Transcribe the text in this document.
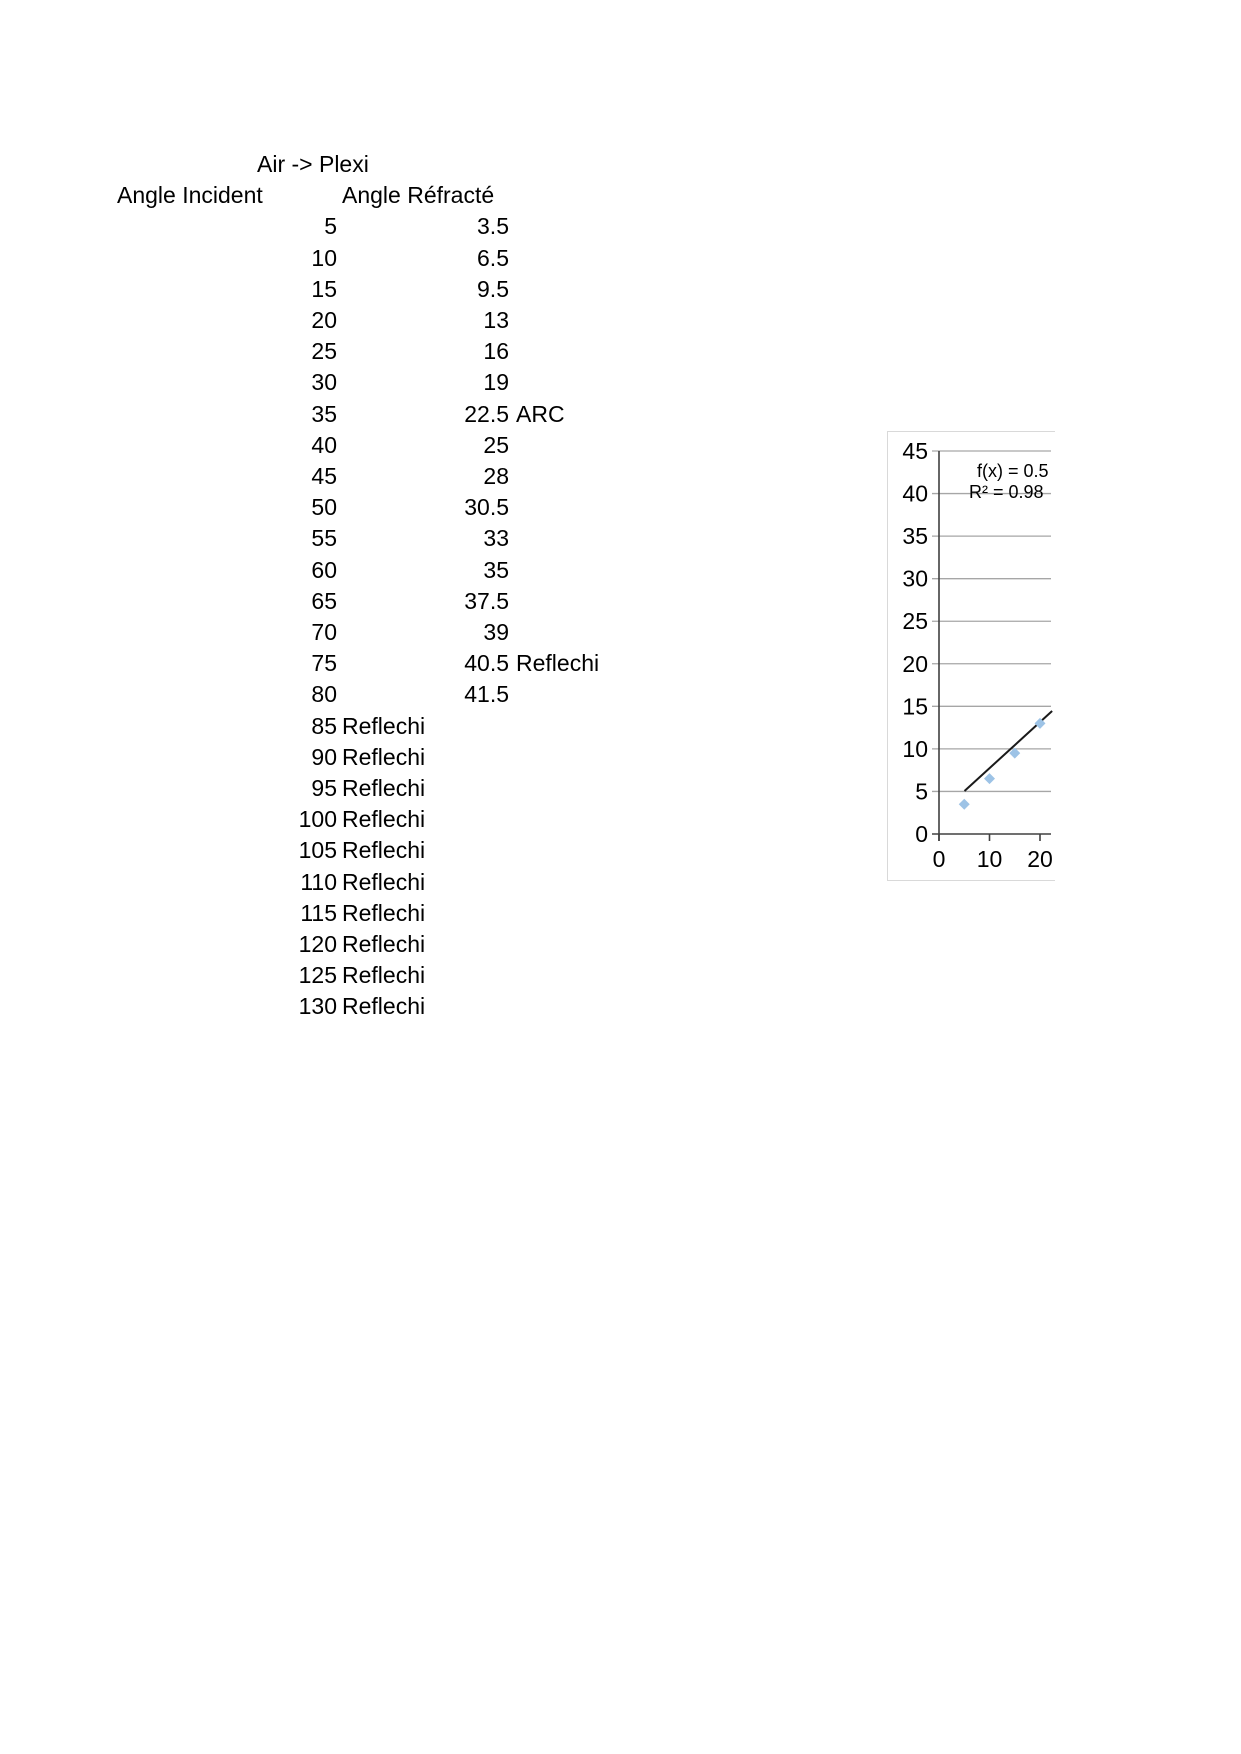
Air -> Plexi
Angle Incident	Angle Réfracté
5	3.5
10	6.5
15	9.5
20	13
25	16
30	19
35	22.5 ARC
40	25
45	28
50	30.5
55	33
60	35
65	37.5
70	39
75	40.5 Reflechi
80	41.5
85 Reflechi
90 Reflechi
95 Reflechi
100 Reflechi
105 Reflechi
110 Reflechi
115 Reflechi
120 Reflechi
125 Reflechi
130 Reflechi
0
5
10
15
20
25
30
35
40
45
0 10 20
f(x) = 0.5
R² = 0.98
